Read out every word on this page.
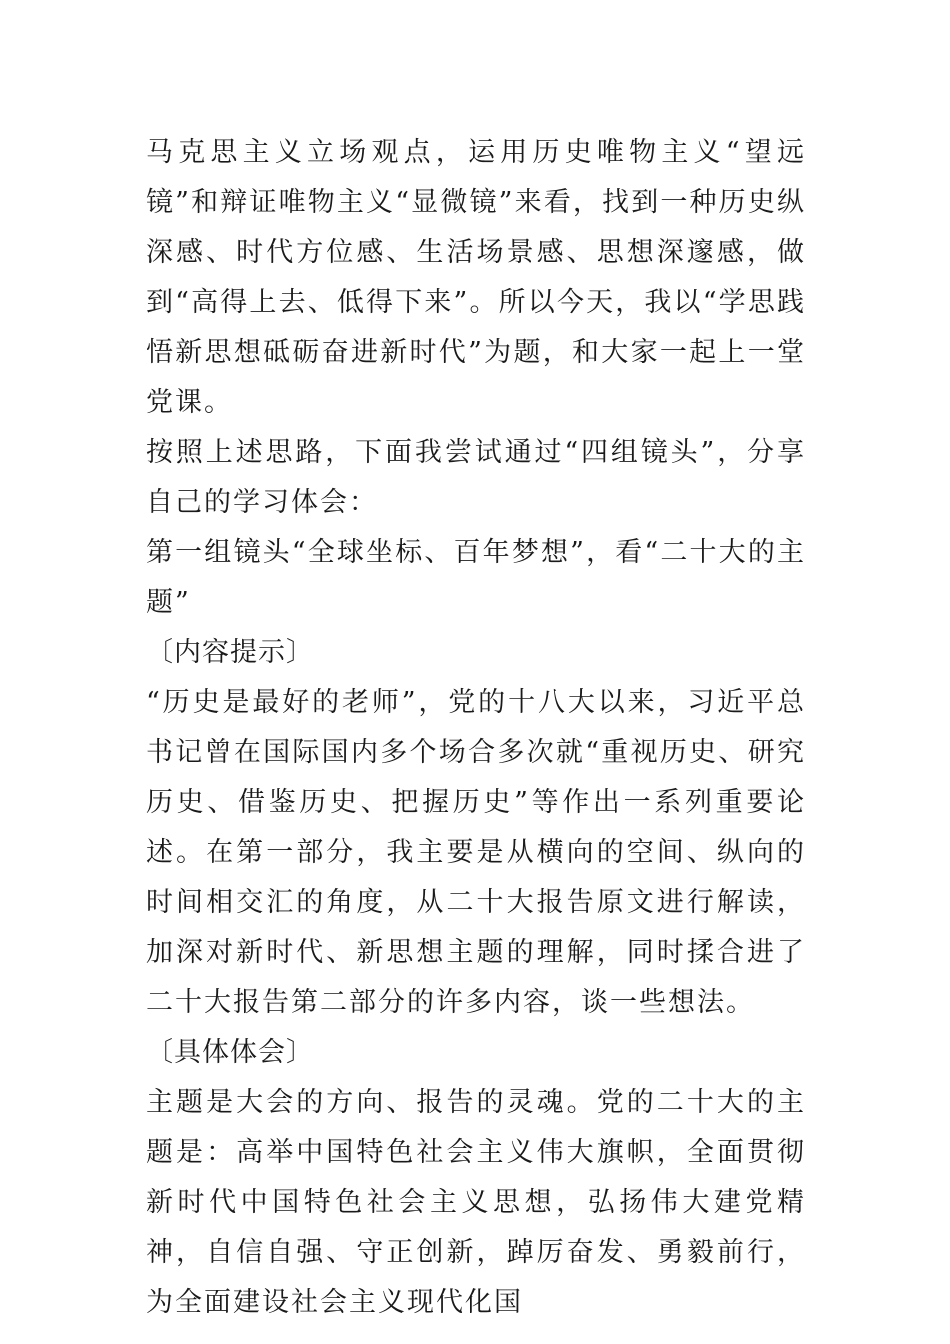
马克思主义立场观点，运用历史唯物主义“望远镜”和辩证唯物主义“显微镜”来看，找到一种历史纵深感、时代方位感、生活场景感、思想深邃感，做到“高得上去、低得下来”。所以今天，我以“学思践悟新思想砥砺奋进新时代”为题，和大家一起上一堂党课。

按照上述思路，下面我尝试通过“四组镜头”，分享自己的学习体会：

第一组镜头“全球坐标、百年梦想”，看“二十大的主题”

〔内容提示〕

“历史是最好的老师”，党的十八大以来，习近平总书记曾在国际国内多个场合多次就“重视历史、研究历史、借鉴历史、把握历史”等作出一系列重要论述。在第一部分，我主要是从横向的空间、纵向的时间相交汇的角度，从二十大报告原文进行解读，加深对新时代、新思想主题的理解，同时揉合进了二十大报告第二部分的许多内容，谈一些想法。

〔具体体会〕

主题是大会的方向、报告的灵魂。党的二十大的主题是：高举中国特色社会主义伟大旗帜，全面贯彻新时代中国特色社会主义思想，弘扬伟大建党精神，自信自强、守正创新，踔厉奋发、勇毅前行，为全面建设社会主义现代化国
